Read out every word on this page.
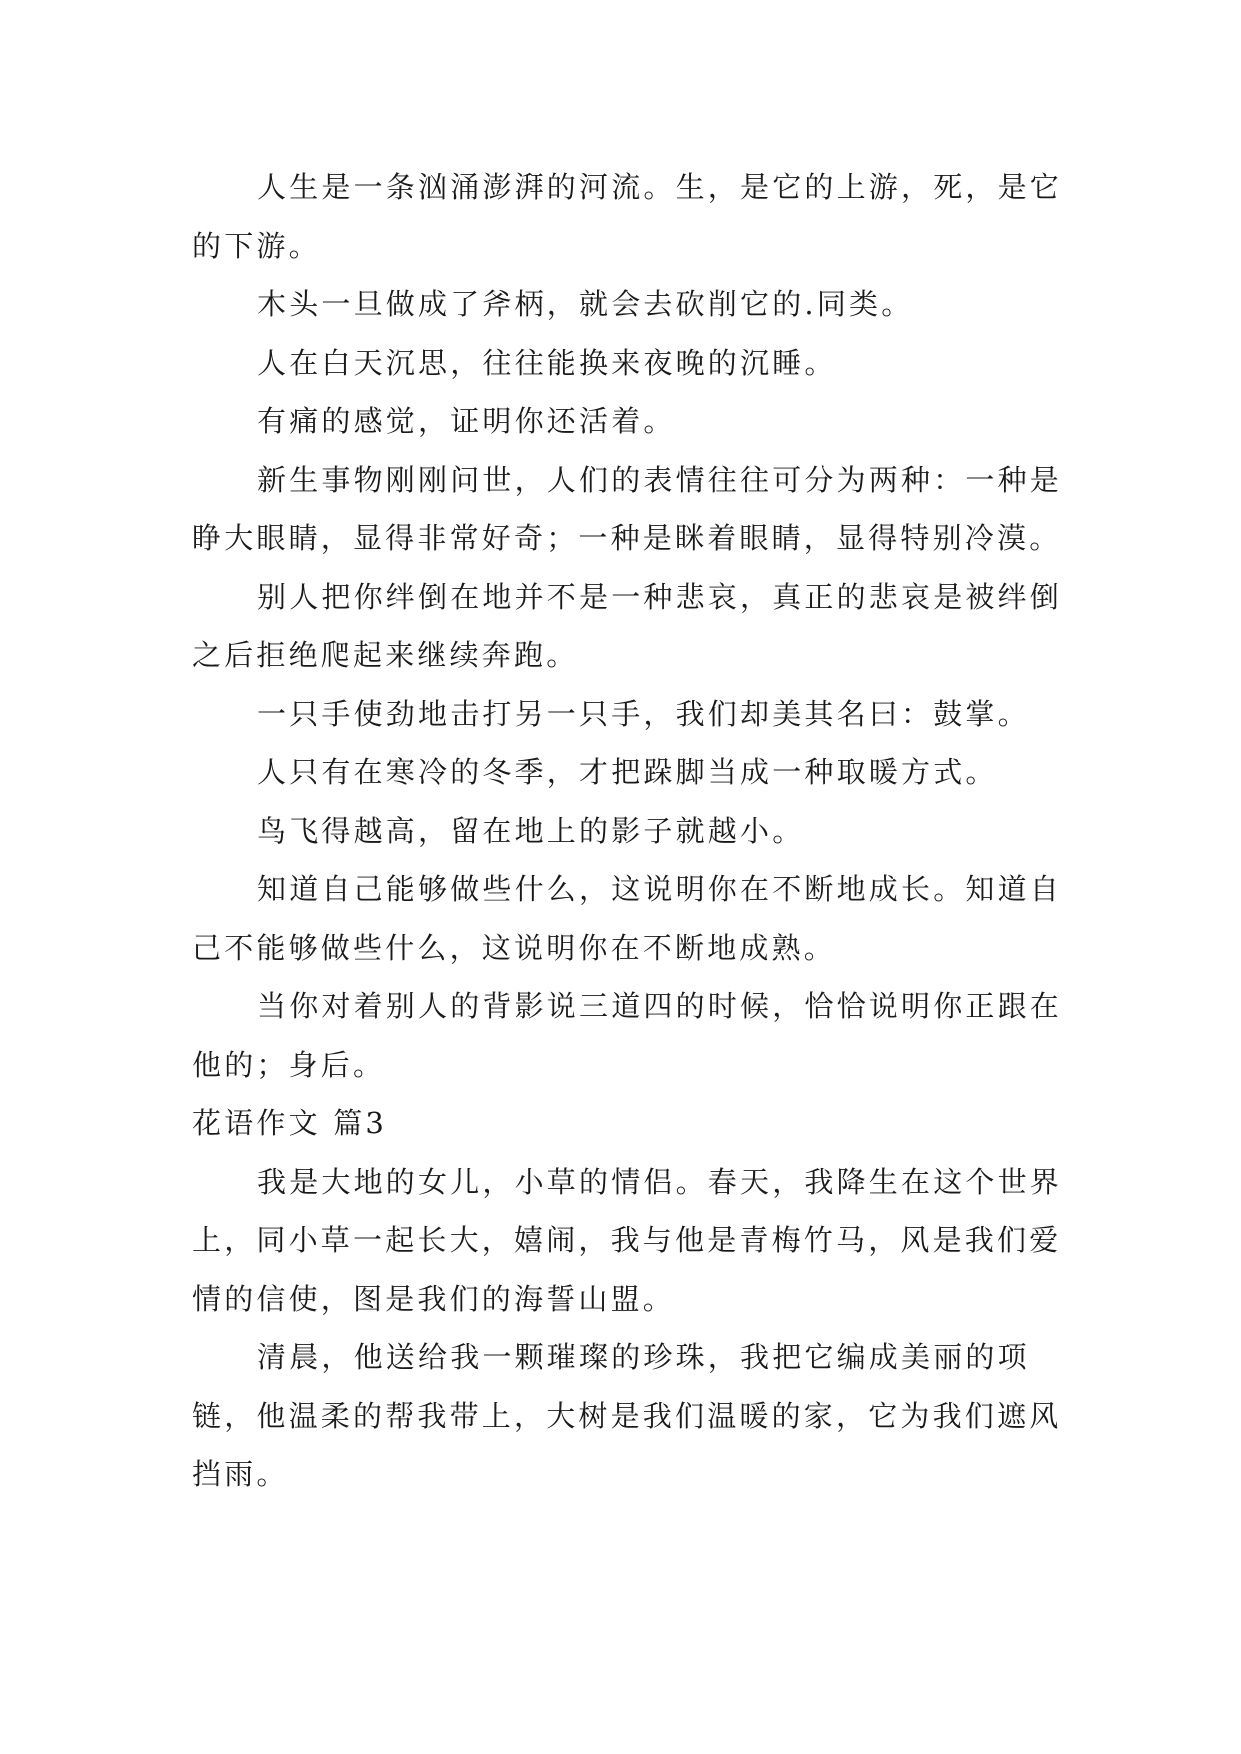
人生是一条汹涌澎湃的河流。生，是它的上游，死，是它的下游。

木头一旦做成了斧柄，就会去砍削它的.同类。

人在白天沉思，往往能换来夜晚的沉睡。

有痛的感觉，证明你还活着。

新生事物刚刚问世，人们的表情往往可分为两种：一种是睁大眼睛，显得非常好奇；一种是眯着眼睛，显得特别冷漠。

别人把你绊倒在地并不是一种悲哀，真正的悲哀是被绊倒之后拒绝爬起来继续奔跑。

一只手使劲地击打另一只手，我们却美其名曰：鼓掌。

人只有在寒冷的冬季，才把跺脚当成一种取暖方式。

鸟飞得越高，留在地上的影子就越小。

知道自己能够做些什么，这说明你在不断地成长。知道自己不能够做些什么，这说明你在不断地成熟。

当你对着别人的背影说三道四的时候，恰恰说明你正跟在他的；身后。

花语作文 篇3

我是大地的女儿，小草的情侣。春天，我降生在这个世界上，同小草一起长大，嬉闹，我与他是青梅竹马，风是我们爱情的信使，图是我们的海誓山盟。

清晨，他送给我一颗璀璨的珍珠，我把它编成美丽的项链，他温柔的帮我带上，大树是我们温暖的家，它为我们遮风挡雨。
